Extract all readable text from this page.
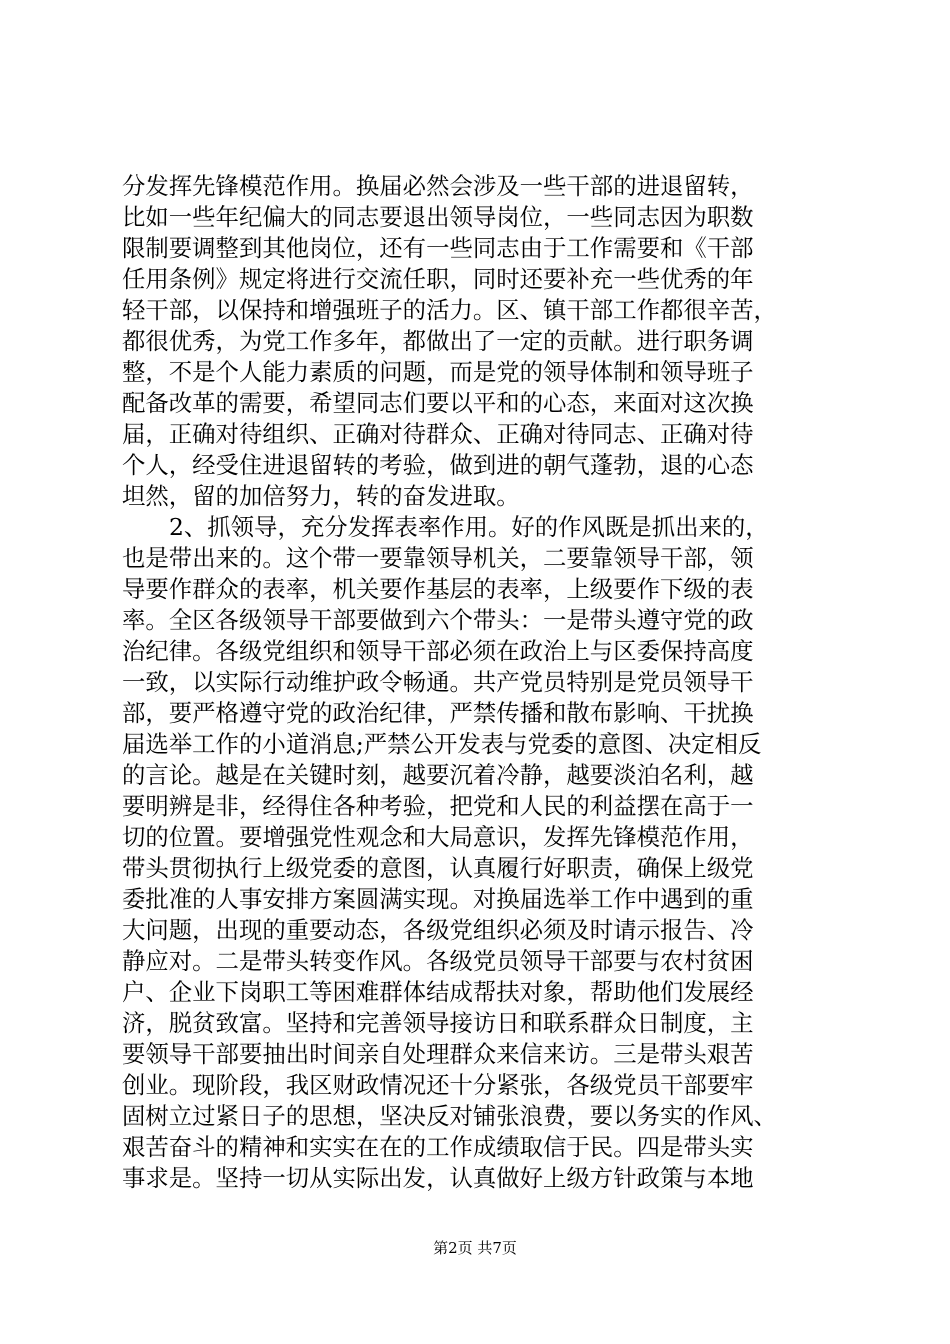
分发挥先锋模范作用。换届必然会涉及一些干部的进退留转，
比如一些年纪偏大的同志要退出领导岗位，一些同志因为职数
限制要调整到其他岗位，还有一些同志由于工作需要和《干部
任用条例》规定将进行交流任职，同时还要补充一些优秀的年
轻干部，以保持和增强班子的活力。区、镇干部工作都很辛苦，
都很优秀，为党工作多年，都做出了一定的贡献。进行职务调
整，不是个人能力素质的问题，而是党的领导体制和领导班子
配备改革的需要，希望同志们要以平和的心态，来面对这次换
届，正确对待组织、正确对待群众、正确对待同志、正确对待
个人，经受住进退留转的考验，做到进的朝气蓬勃，退的心态
坦然，留的加倍努力，转的奋发进取。
2、抓领导，充分发挥表率作用。好的作风既是抓出来的，
也是带出来的。这个带一要靠领导机关，二要靠领导干部，领
导要作群众的表率，机关要作基层的表率，上级要作下级的表
率。全区各级领导干部要做到六个带头：一是带头遵守党的政
治纪律。各级党组织和领导干部必须在政治上与区委保持高度
一致，以实际行动维护政令畅通。共产党员特别是党员领导干
部，要严格遵守党的政治纪律，严禁传播和散布影响、干扰换
届选举工作的小道消息;严禁公开发表与党委的意图、决定相反
的言论。越是在关键时刻，越要沉着冷静，越要淡泊名利，越
要明辨是非，经得住各种考验，把党和人民的利益摆在高于一
切的位置。要增强党性观念和大局意识，发挥先锋模范作用，
带头贯彻执行上级党委的意图，认真履行好职责，确保上级党
委批准的人事安排方案圆满实现。对换届选举工作中遇到的重
大问题，出现的重要动态，各级党组织必须及时请示报告、冷
静应对。二是带头转变作风。各级党员领导干部要与农村贫困
户、企业下岗职工等困难群体结成帮扶对象，帮助他们发展经
济，脱贫致富。坚持和完善领导接访日和联系群众日制度，主
要领导干部要抽出时间亲自处理群众来信来访。三是带头艰苦
创业。现阶段，我区财政情况还十分紧张，各级党员干部要牢
固树立过紧日子的思想，坚决反对铺张浪费，要以务实的作风、
艰苦奋斗的精神和实实在在的工作成绩取信于民。四是带头实
事求是。坚持一切从实际出发，认真做好上级方针政策与本地
第2页 共7页
